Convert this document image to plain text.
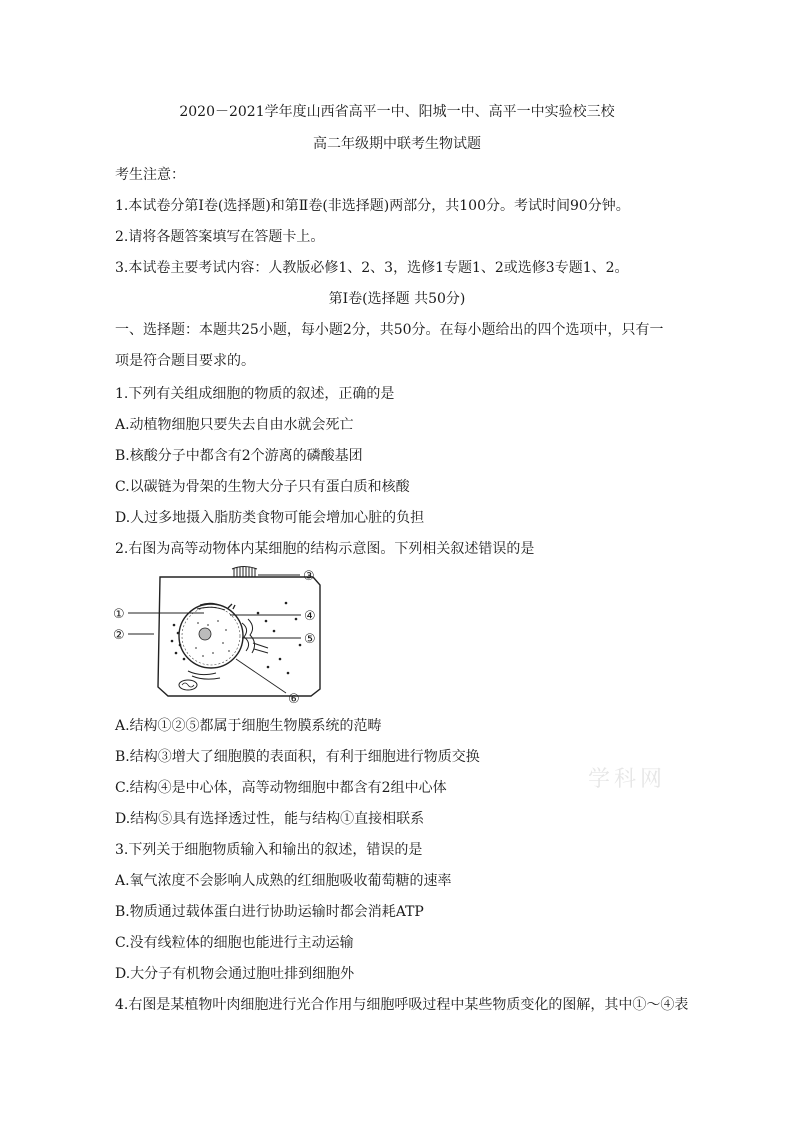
2020－2021学年度山西省高平一中、阳城一中、高平一中实验校三校
高二年级期中联考生物试题
考生注意：
1.本试卷分第Ⅰ卷(选择题)和第Ⅱ卷(非选择题)两部分，共100分。考试时间90分钟。
2.请将各题答案填写在答题卡上。
3.本试卷主要考试内容：人教版必修1、2、3，选修1专题1、2或选修3专题1、2。
第Ⅰ卷(选择题 共50分)
一、选择题：本题共25小题，每小题2分，共50分。在每小题给出的四个选项中，只有一
项是符合题目要求的。
1.下列有关组成细胞的物质的叙述，正确的是
A.动植物细胞只要失去自由水就会死亡
B.核酸分子中都含有2个游离的磷酸基团
C.以碳链为骨架的生物大分子只有蛋白质和核酸
D.人过多地摄入脂肪类食物可能会增加心脏的负担
2.右图为高等动物体内某细胞的结构示意图。下列相关叙述错误的是
①
②
③
④
⑤
⑥
A.结构①②⑤都属于细胞生物膜系统的范畴
B.结构③增大了细胞膜的表面积，有利于细胞进行物质交换
C.结构④是中心体，高等动物细胞中都含有2组中心体
D.结构⑤具有选择透过性，能与结构①直接相联系
学科网
3.下列关于细胞物质输入和输出的叙述，错误的是
A.氧气浓度不会影响人成熟的红细胞吸收葡萄糖的速率
B.物质通过载体蛋白进行协助运输时都会消耗ATP
C.没有线粒体的细胞也能进行主动运输
D.大分子有机物会通过胞吐排到细胞外
4.右图是某植物叶肉细胞进行光合作用与细胞呼吸过程中某些物质变化的图解，其中①～④表
